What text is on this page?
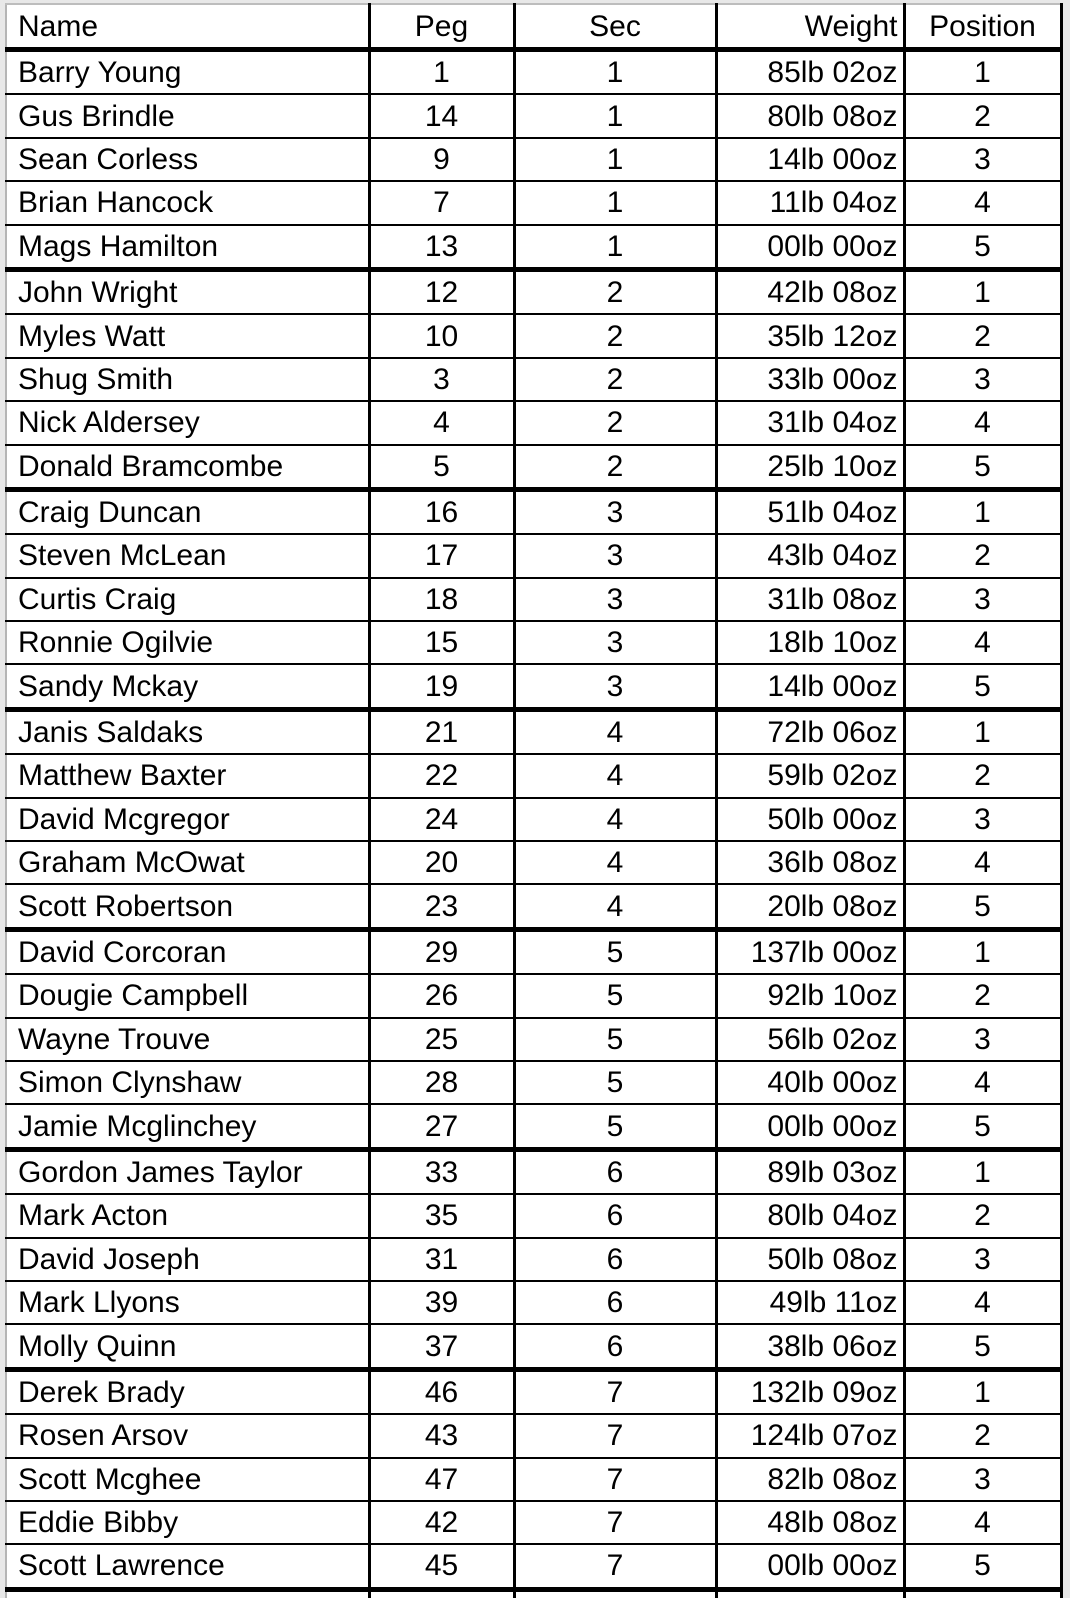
Name	Peg	Sec	Weight	Position
Barry Young	1	1	85lb 02oz	1
Gus Brindle	14	1	80lb 08oz	2
Sean Corless	9	1	14lb 00oz	3
Brian Hancock	7	1	11lb 04oz	4
Mags Hamilton	13	1	00lb 00oz	5
John Wright	12	2	42lb 08oz	1
Myles Watt	10	2	35lb 12oz	2
Shug Smith	3	2	33lb 00oz	3
Nick Aldersey	4	2	31lb 04oz	4
Donald Bramcombe	5	2	25lb 10oz	5
Craig Duncan	16	3	51lb 04oz	1
Steven McLean	17	3	43lb 04oz	2
Curtis Craig	18	3	31lb 08oz	3
Ronnie Ogilvie	15	3	18lb 10oz	4
Sandy Mckay	19	3	14lb 00oz	5
Janis Saldaks	21	4	72lb 06oz	1
Matthew Baxter	22	4	59lb 02oz	2
David Mcgregor	24	4	50lb 00oz	3
Graham McOwat	20	4	36lb 08oz	4
Scott Robertson	23	4	20lb 08oz	5
David Corcoran	29	5	137lb 00oz	1
Dougie Campbell	26	5	92lb 10oz	2
Wayne Trouve	25	5	56lb 02oz	3
Simon Clynshaw	28	5	40lb 00oz	4
Jamie Mcglinchey	27	5	00lb 00oz	5
Gordon James Taylor	33	6	89lb 03oz	1
Mark Acton	35	6	80lb 04oz	2
David Joseph	31	6	50lb 08oz	3
Mark Llyons	39	6	49lb 11oz	4
Molly Quinn	37	6	38lb 06oz	5
Derek Brady	46	7	132lb 09oz	1
Rosen Arsov	43	7	124lb 07oz	2
Scott Mcghee	47	7	82lb 08oz	3
Eddie Bibby	42	7	48lb 08oz	4
Scott Lawrence	45	7	00lb 00oz	5
